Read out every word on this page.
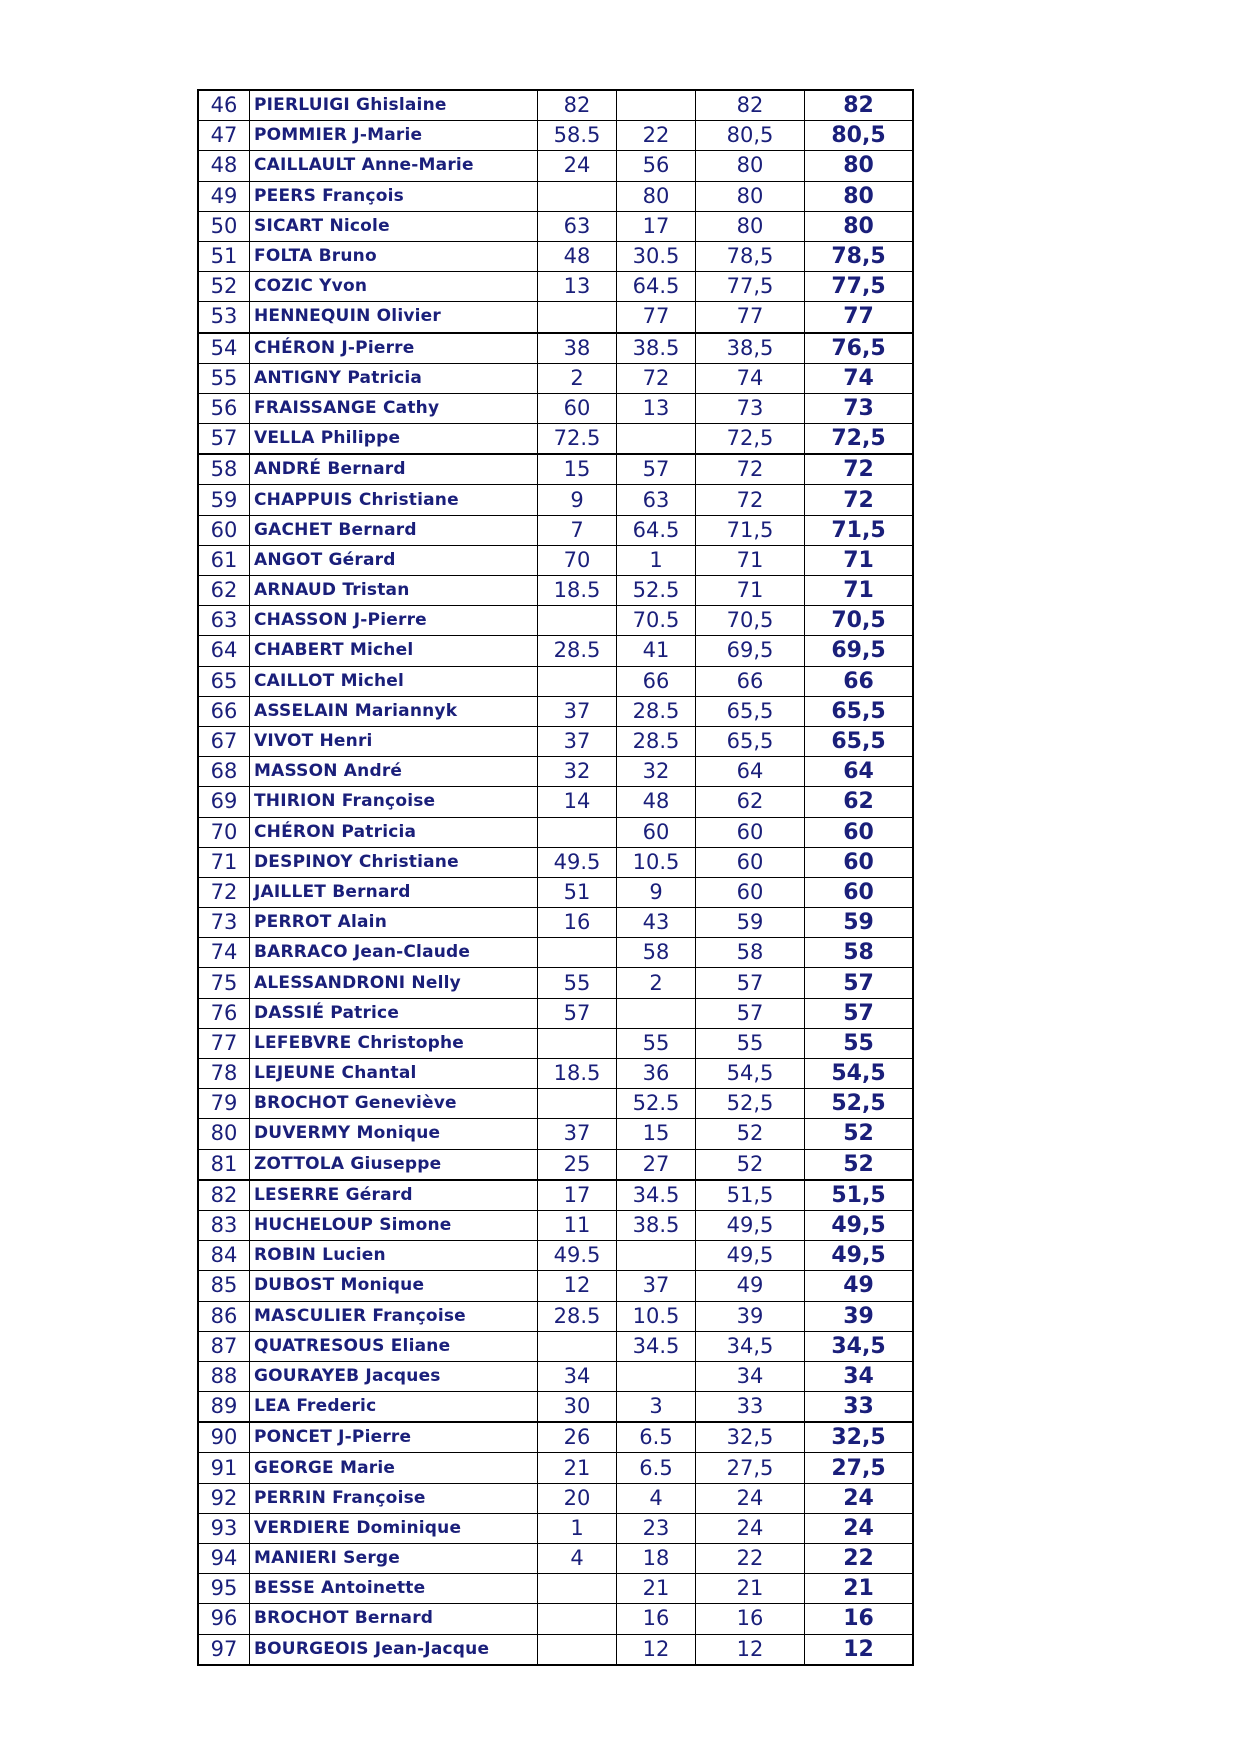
46	PIERLUIGI Ghislaine	82		82	82
47	POMMIER J-Marie	58.5	22	80,5	80,5
48	CAILLAULT Anne-Marie	24	56	80	80
49	PEERS François		80	80	80
50	SICART Nicole	63	17	80	80
51	FOLTA Bruno	48	30.5	78,5	78,5
52	COZIC Yvon	13	64.5	77,5	77,5
53	HENNEQUIN Olivier		77	77	77
54	CHÉRON J-Pierre	38	38.5	38,5	76,5
55	ANTIGNY Patricia	2	72	74	74
56	FRAISSANGE Cathy	60	13	73	73
57	VELLA Philippe	72.5		72,5	72,5
58	ANDRÉ Bernard	15	57	72	72
59	CHAPPUIS Christiane	9	63	72	72
60	GACHET Bernard	7	64.5	71,5	71,5
61	ANGOT Gérard	70	1	71	71
62	ARNAUD Tristan	18.5	52.5	71	71
63	CHASSON J-Pierre		70.5	70,5	70,5
64	CHABERT Michel	28.5	41	69,5	69,5
65	CAILLOT Michel		66	66	66
66	ASSELAIN Mariannyk	37	28.5	65,5	65,5
67	VIVOT Henri	37	28.5	65,5	65,5
68	MASSON André	32	32	64	64
69	THIRION Françoise	14	48	62	62
70	CHÉRON Patricia		60	60	60
71	DESPINOY Christiane	49.5	10.5	60	60
72	JAILLET Bernard	51	9	60	60
73	PERROT Alain	16	43	59	59
74	BARRACO Jean-Claude		58	58	58
75	ALESSANDRONI Nelly	55	2	57	57
76	DASSIÉ Patrice	57		57	57
77	LEFEBVRE Christophe		55	55	55
78	LEJEUNE Chantal	18.5	36	54,5	54,5
79	BROCHOT Geneviève		52.5	52,5	52,5
80	DUVERMY Monique	37	15	52	52
81	ZOTTOLA Giuseppe	25	27	52	52
82	LESERRE Gérard	17	34.5	51,5	51,5
83	HUCHELOUP Simone	11	38.5	49,5	49,5
84	ROBIN Lucien	49.5		49,5	49,5
85	DUBOST Monique	12	37	49	49
86	MASCULIER Françoise	28.5	10.5	39	39
87	QUATRESOUS Eliane		34.5	34,5	34,5
88	GOURAYEB Jacques	34		34	34
89	LEA Frederic	30	3	33	33
90	PONCET J-Pierre	26	6.5	32,5	32,5
91	GEORGE Marie	21	6.5	27,5	27,5
92	PERRIN Françoise	20	4	24	24
93	VERDIERE Dominique	1	23	24	24
94	MANIERI Serge	4	18	22	22
95	BESSE Antoinette		21	21	21
96	BROCHOT Bernard		16	16	16
97	BOURGEOIS Jean-Jacque		12	12	12
